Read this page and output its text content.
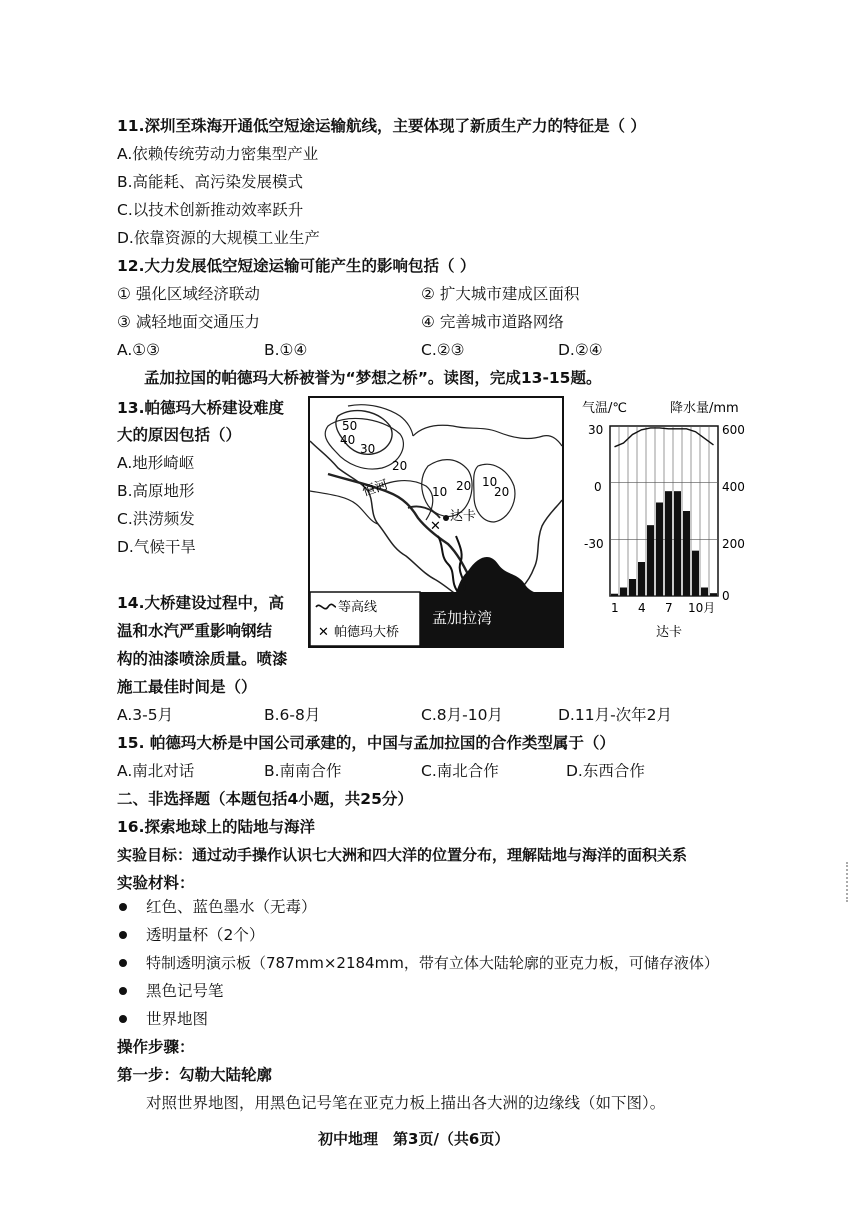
11.深圳至珠海开通低空短途运输航线，主要体现了新质生产力的特征是（ ）
A.依赖传统劳动力密集型产业
B.高能耗、高污染发展模式
C.以技术创新推动效率跃升
D.依靠资源的大规模工业生产
12.大力发展低空短途运输可能产生的影响包括（ ）
① 强化区域经济联动	② 扩大城市建成区面积
③ 减轻地面交通压力	④ 完善城市道路网络
A.①③	B.①④	C.②③	D.②④
孟加拉国的帕德玛大桥被誉为“梦想之桥”。读图，完成13-15题。
13.帕德玛大桥建设难度
大的原因包括（）
A.地形崎岖
B.高原地形
C.洪涝频发
D.气候干旱
14.大桥建设过程中，高
温和水汽严重影响钢结
构的油漆喷涂质量。喷漆
施工最佳时间是（）
A.3-5月	B.6-8月	C.8月-10月	D.11月-次年2月
15. 帕德玛大桥是中国公司承建的，中国与孟加拉国的合作类型属于（）
A.南北对话	B.南南合作	C.南北合作	D.东西合作
二、非选择题（本题包括4小题，共25分）
16.探索地球上的陆地与海洋
实验目标：通过动手操作认识七大洲和四大洋的位置分布，理解陆地与海洋的面积关系
实验材料：
红色、蓝色墨水（无毒）
透明量杯（2个）
特制透明演示板（787mm×2184mm，带有立体大陆轮廓的亚克力板，可储存液体）
黑色记号笔
世界地图
操作步骤：
第一步：勾勒大陆轮廓
对照世界地图，用黑色记号笔在亚克力板上描出各大洲的边缘线（如下图）。
初中地理　第3页/（共6页）
孟加拉湾
50
40
30
20
10 20 10
20
恒河
达卡
✕
等高线
✕ 帕德玛大桥
气温/℃	降水量/mm
30
0
-30
600
400
200
0
1 4 7 10月
达卡
